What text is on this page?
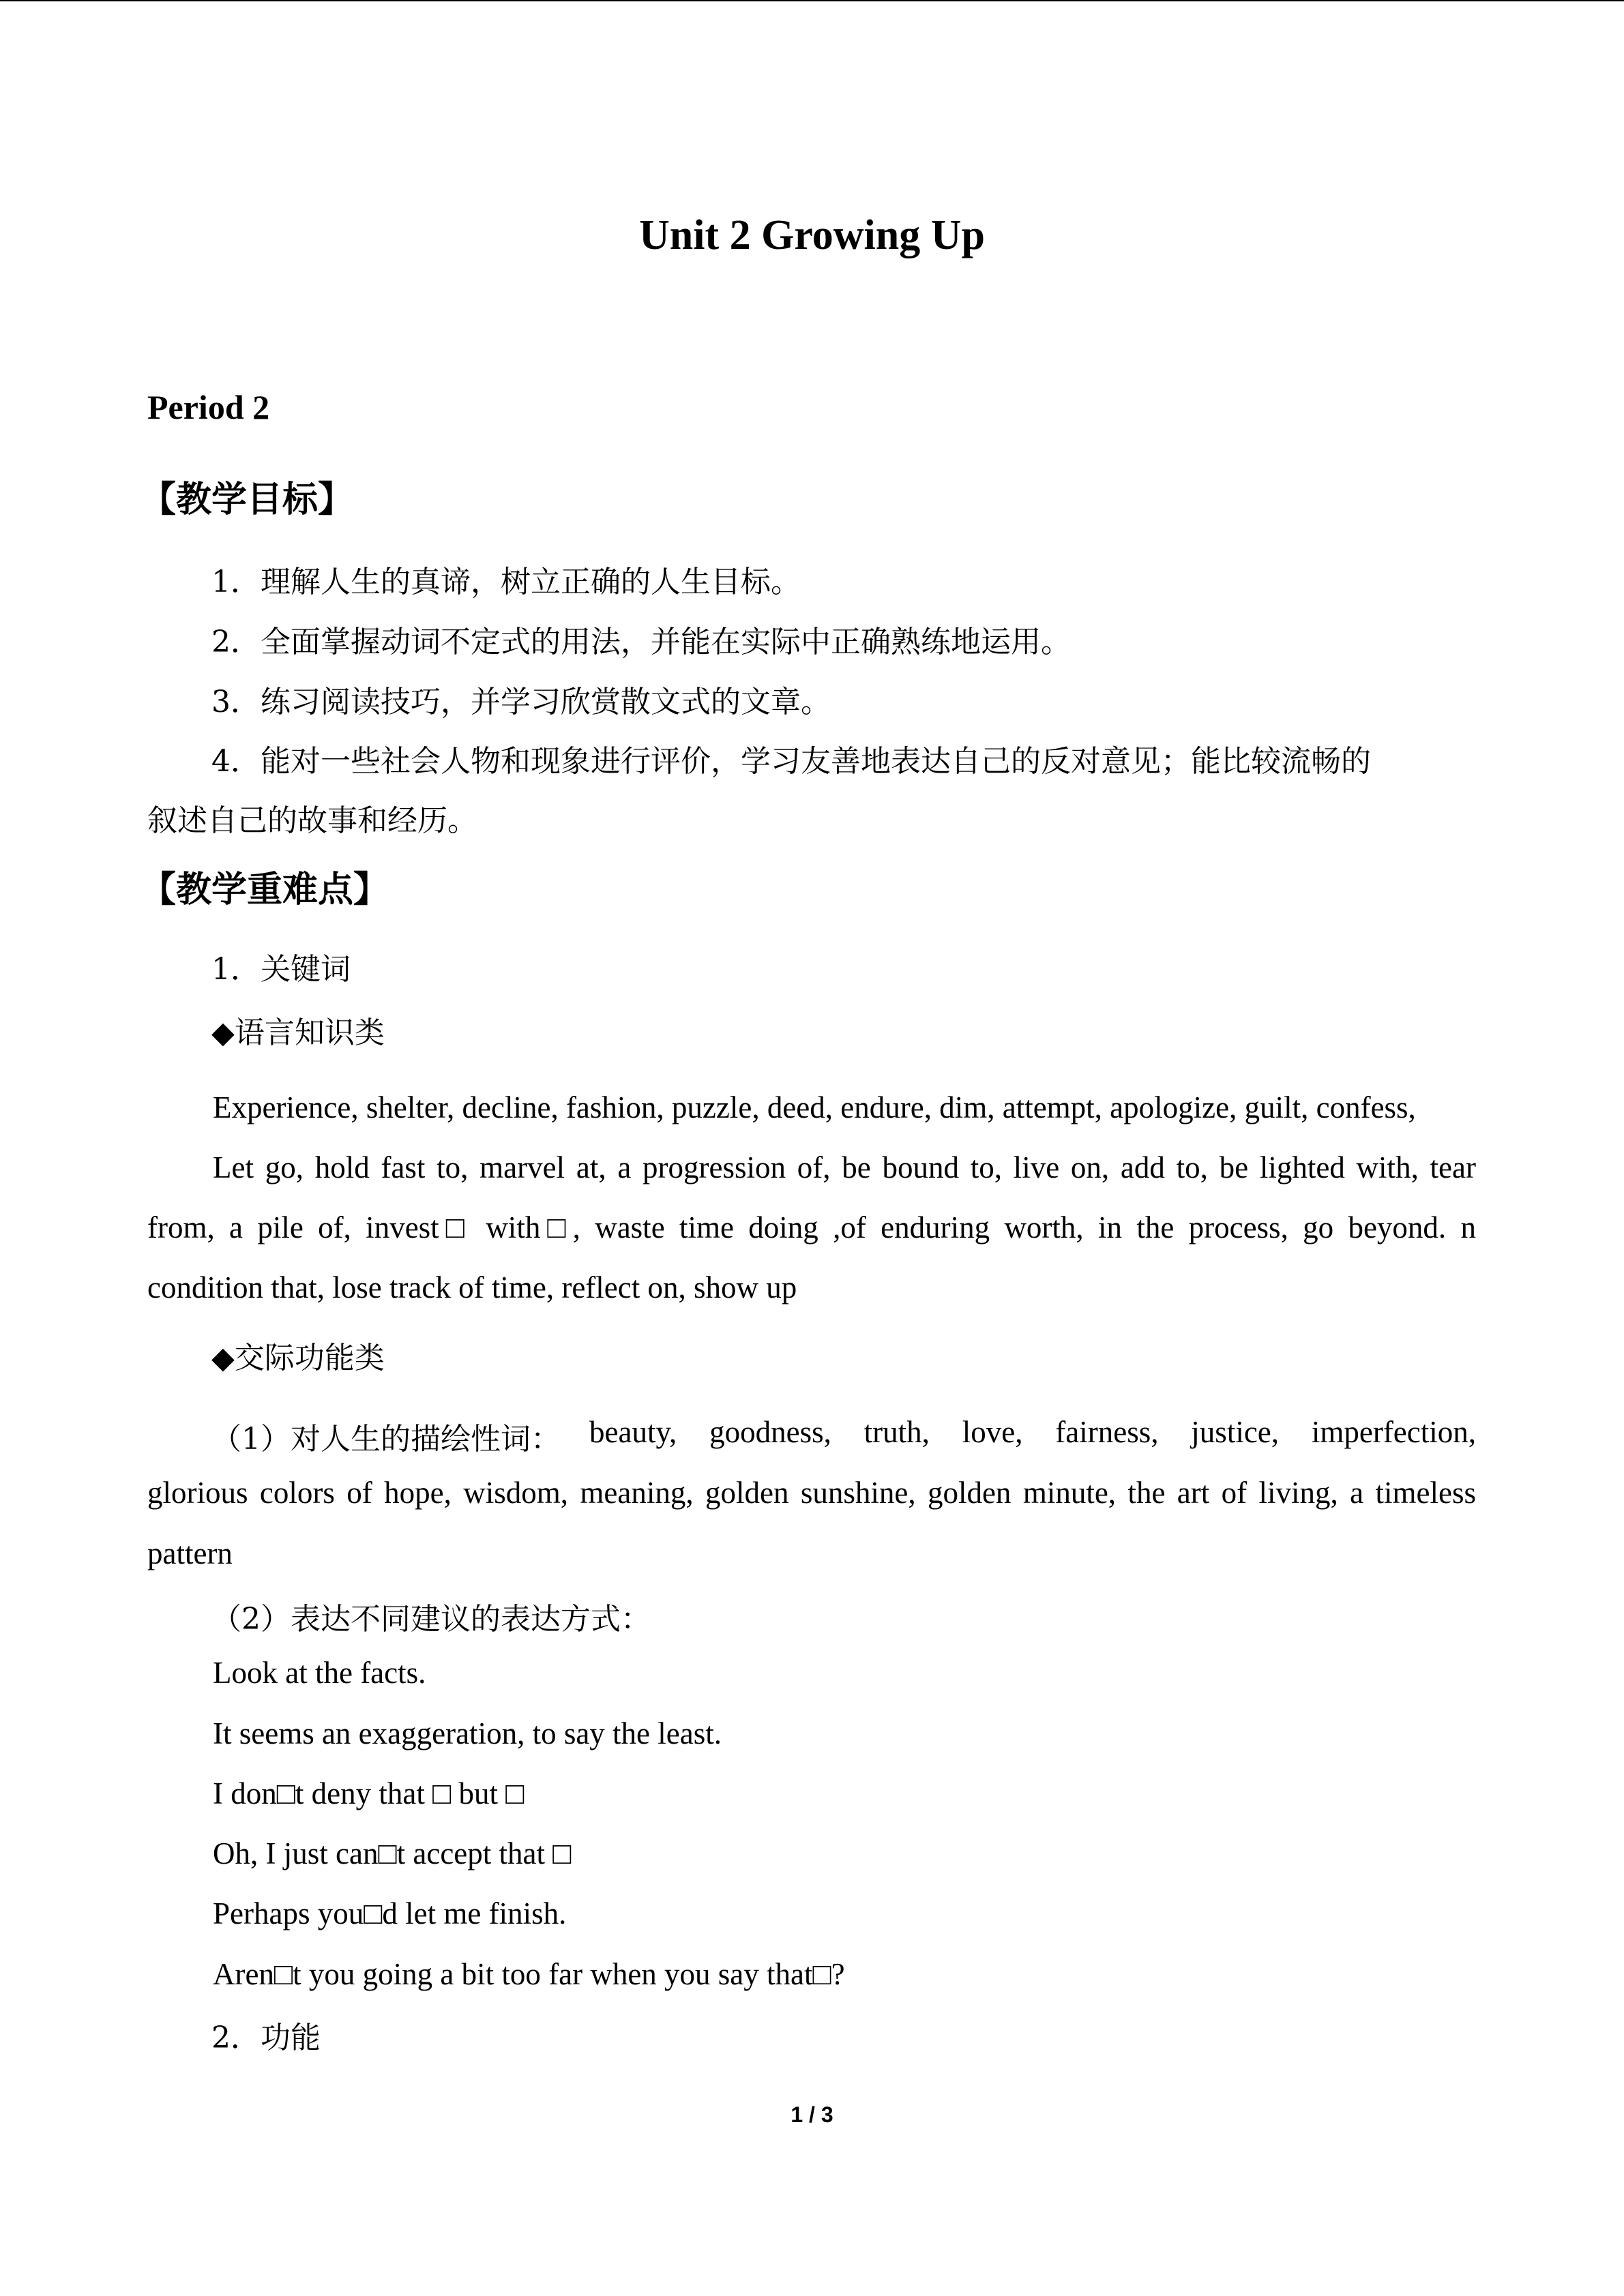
Unit 2 Growing Up
Period 2
【教学目标】
1．理解人生的真谛，树立正确的人生目标。
2．全面掌握动词不定式的用法，并能在实际中正确熟练地运用。
3．练习阅读技巧，并学习欣赏散文式的文章。
4．能对一些社会人物和现象进行评价，学习友善地表达自己的反对意见；能比较流畅的
叙述自己的故事和经历。
【教学重难点】
1．关键词
◆语言知识类
Experience, shelter, decline, fashion, puzzle, deed, endure, dim, attempt, apologize, guilt, confess,
Let go, hold fast to, marvel at, a progression of, be bound to, live on, add to, be lighted with, tear
from, a pile of, invest□ with□, waste time doing ,of enduring worth, in the process, go beyond. n
condition that, lose track of time, reflect on, show up
◆交际功能类
（1）对人生的描绘性词： beauty, goodness, truth, love, fairness, justice, imperfection,
glorious colors of hope, wisdom, meaning, golden sunshine, golden minute, the art of living, a timeless
pattern
（2）表达不同建议的表达方式：
Look at the facts.
It seems an exaggeration, to say the least.
I don□t deny that □ but □
Oh, I just can□t accept that □
Perhaps you□d let me finish.
Aren□t you going a bit too far when you say that□?
2．功能
1 / 3
